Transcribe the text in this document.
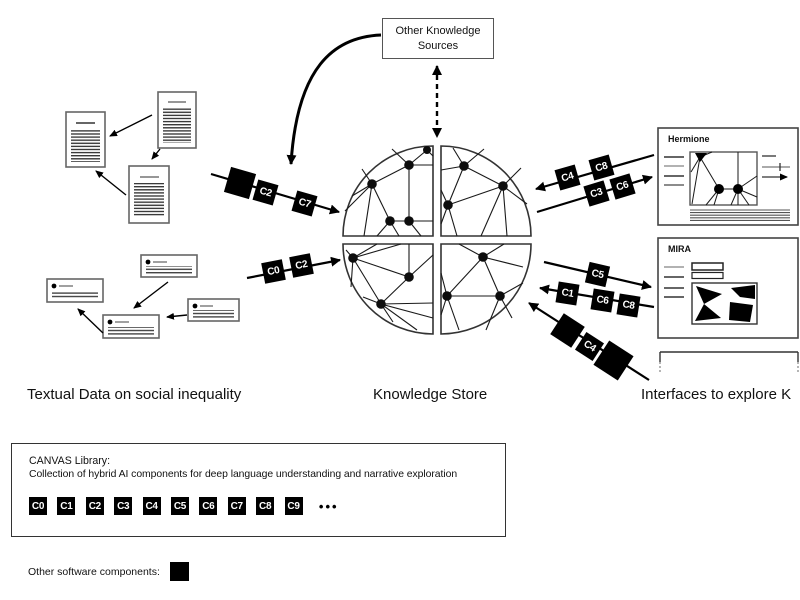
Other Knowledge Sources
C2
C7
C0	C2
C4
C8
C3	C6
C5
C1
C6	C8
C4
Hermione
MIRA
Textual Data on social inequality	Knowledge Store	Interfaces to explore K
CANVAS Library:
Collection of hybrid AI components for deep language understanding and narrative exploration
C0 C1 C2 C3 C4 C5 C6 C7 C8 C9 •••
Other software components:
